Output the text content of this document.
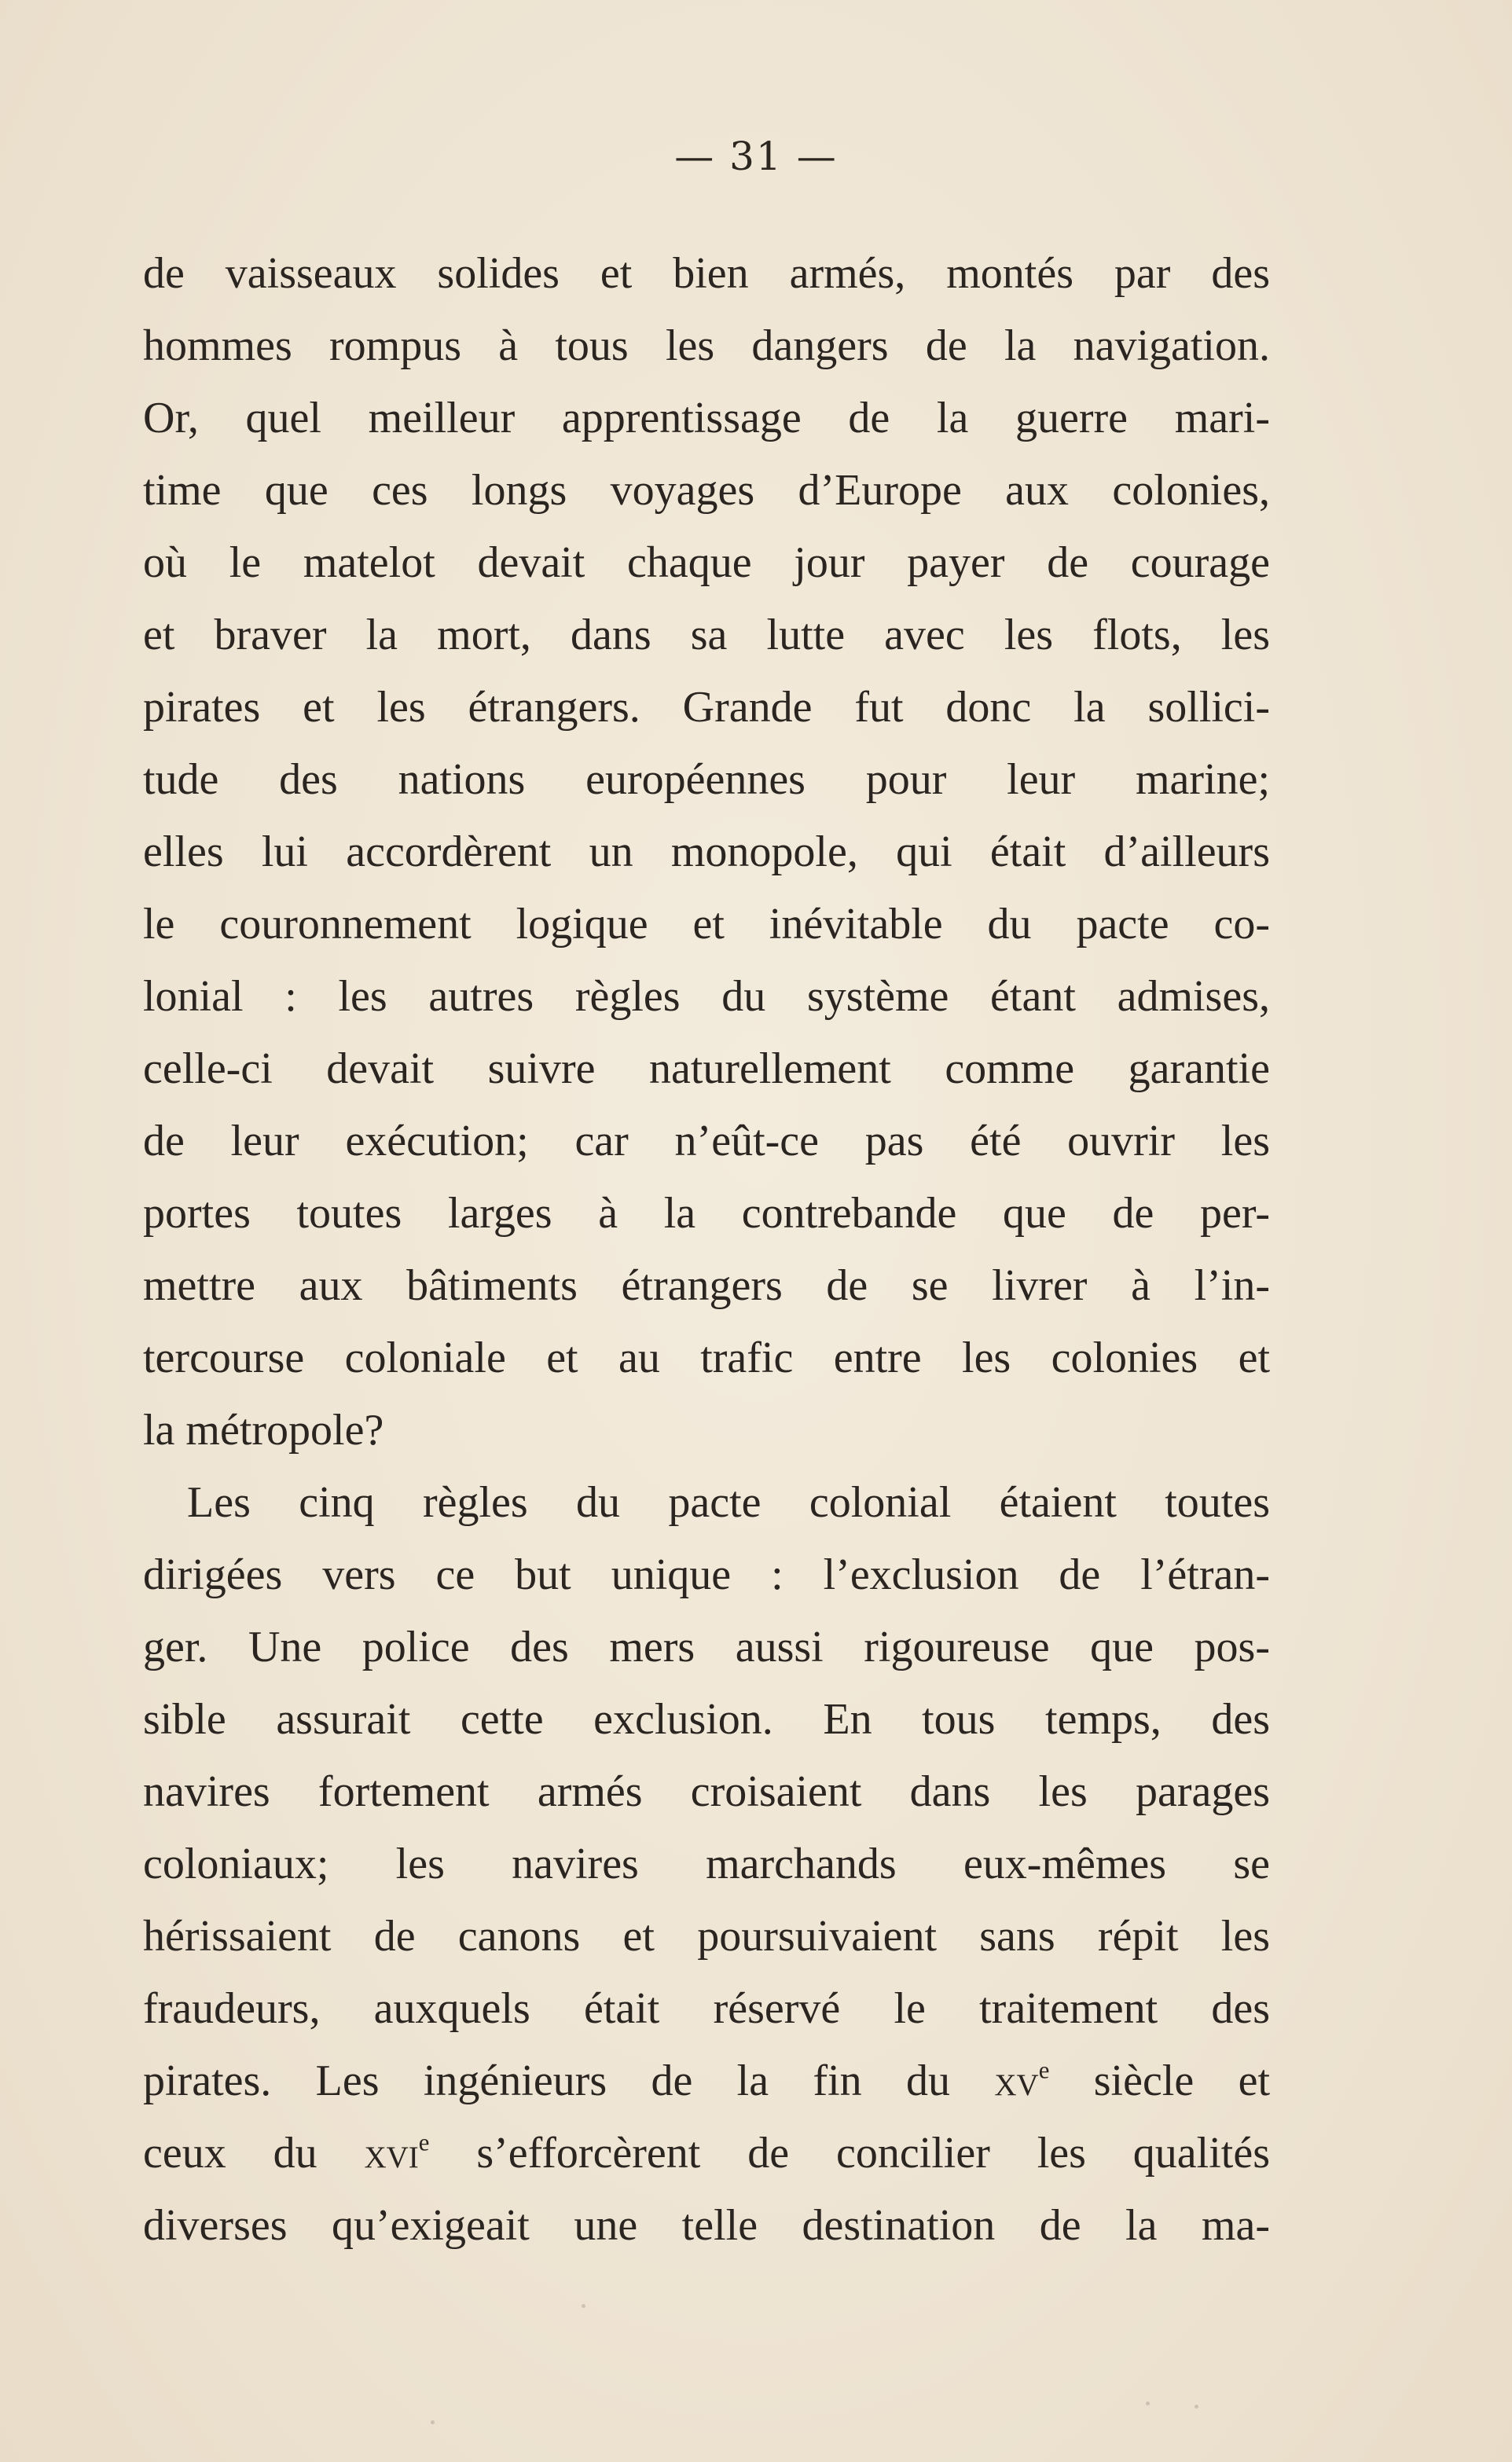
— 31 —
de vaisseaux solides et bien armés, montés par des
hommes rompus à tous les dangers de la navigation.
Or, quel meilleur apprentissage de la guerre mari-
time que ces longs voyages d’Europe aux colonies,
où le matelot devait chaque jour payer de courage
et braver la mort, dans sa lutte avec les flots, les
pirates et les étrangers. Grande fut donc la sollici-
tude des nations européennes pour leur marine;
elles lui accordèrent un monopole, qui était d’ailleurs
le couronnement logique et inévitable du pacte co-
lonial : les autres règles du système étant admises,
celle-ci devait suivre naturellement comme garantie
de leur exécution; car n’eût-ce pas été ouvrir les
portes toutes larges à la contrebande que de per-
mettre aux bâtiments étrangers de se livrer à l’in-
tercourse coloniale et au trafic entre les colonies et
la métropole?
Les cinq règles du pacte colonial étaient toutes
dirigées vers ce but unique : l’exclusion de l’étran-
ger. Une police des mers aussi rigoureuse que pos-
sible assurait cette exclusion. En tous temps, des
navires fortement armés croisaient dans les parages
coloniaux; les navires marchands eux-mêmes se
hérissaient de canons et poursuivaient sans répit les
fraudeurs, auxquels était réservé le traitement des
pirates. Les ingénieurs de la fin du $xv^e$ siècle et
ceux du xvi$^e$ s’efforcèrent de concilier les qualités
diverses qu’exigeait une telle destination de la ma-
